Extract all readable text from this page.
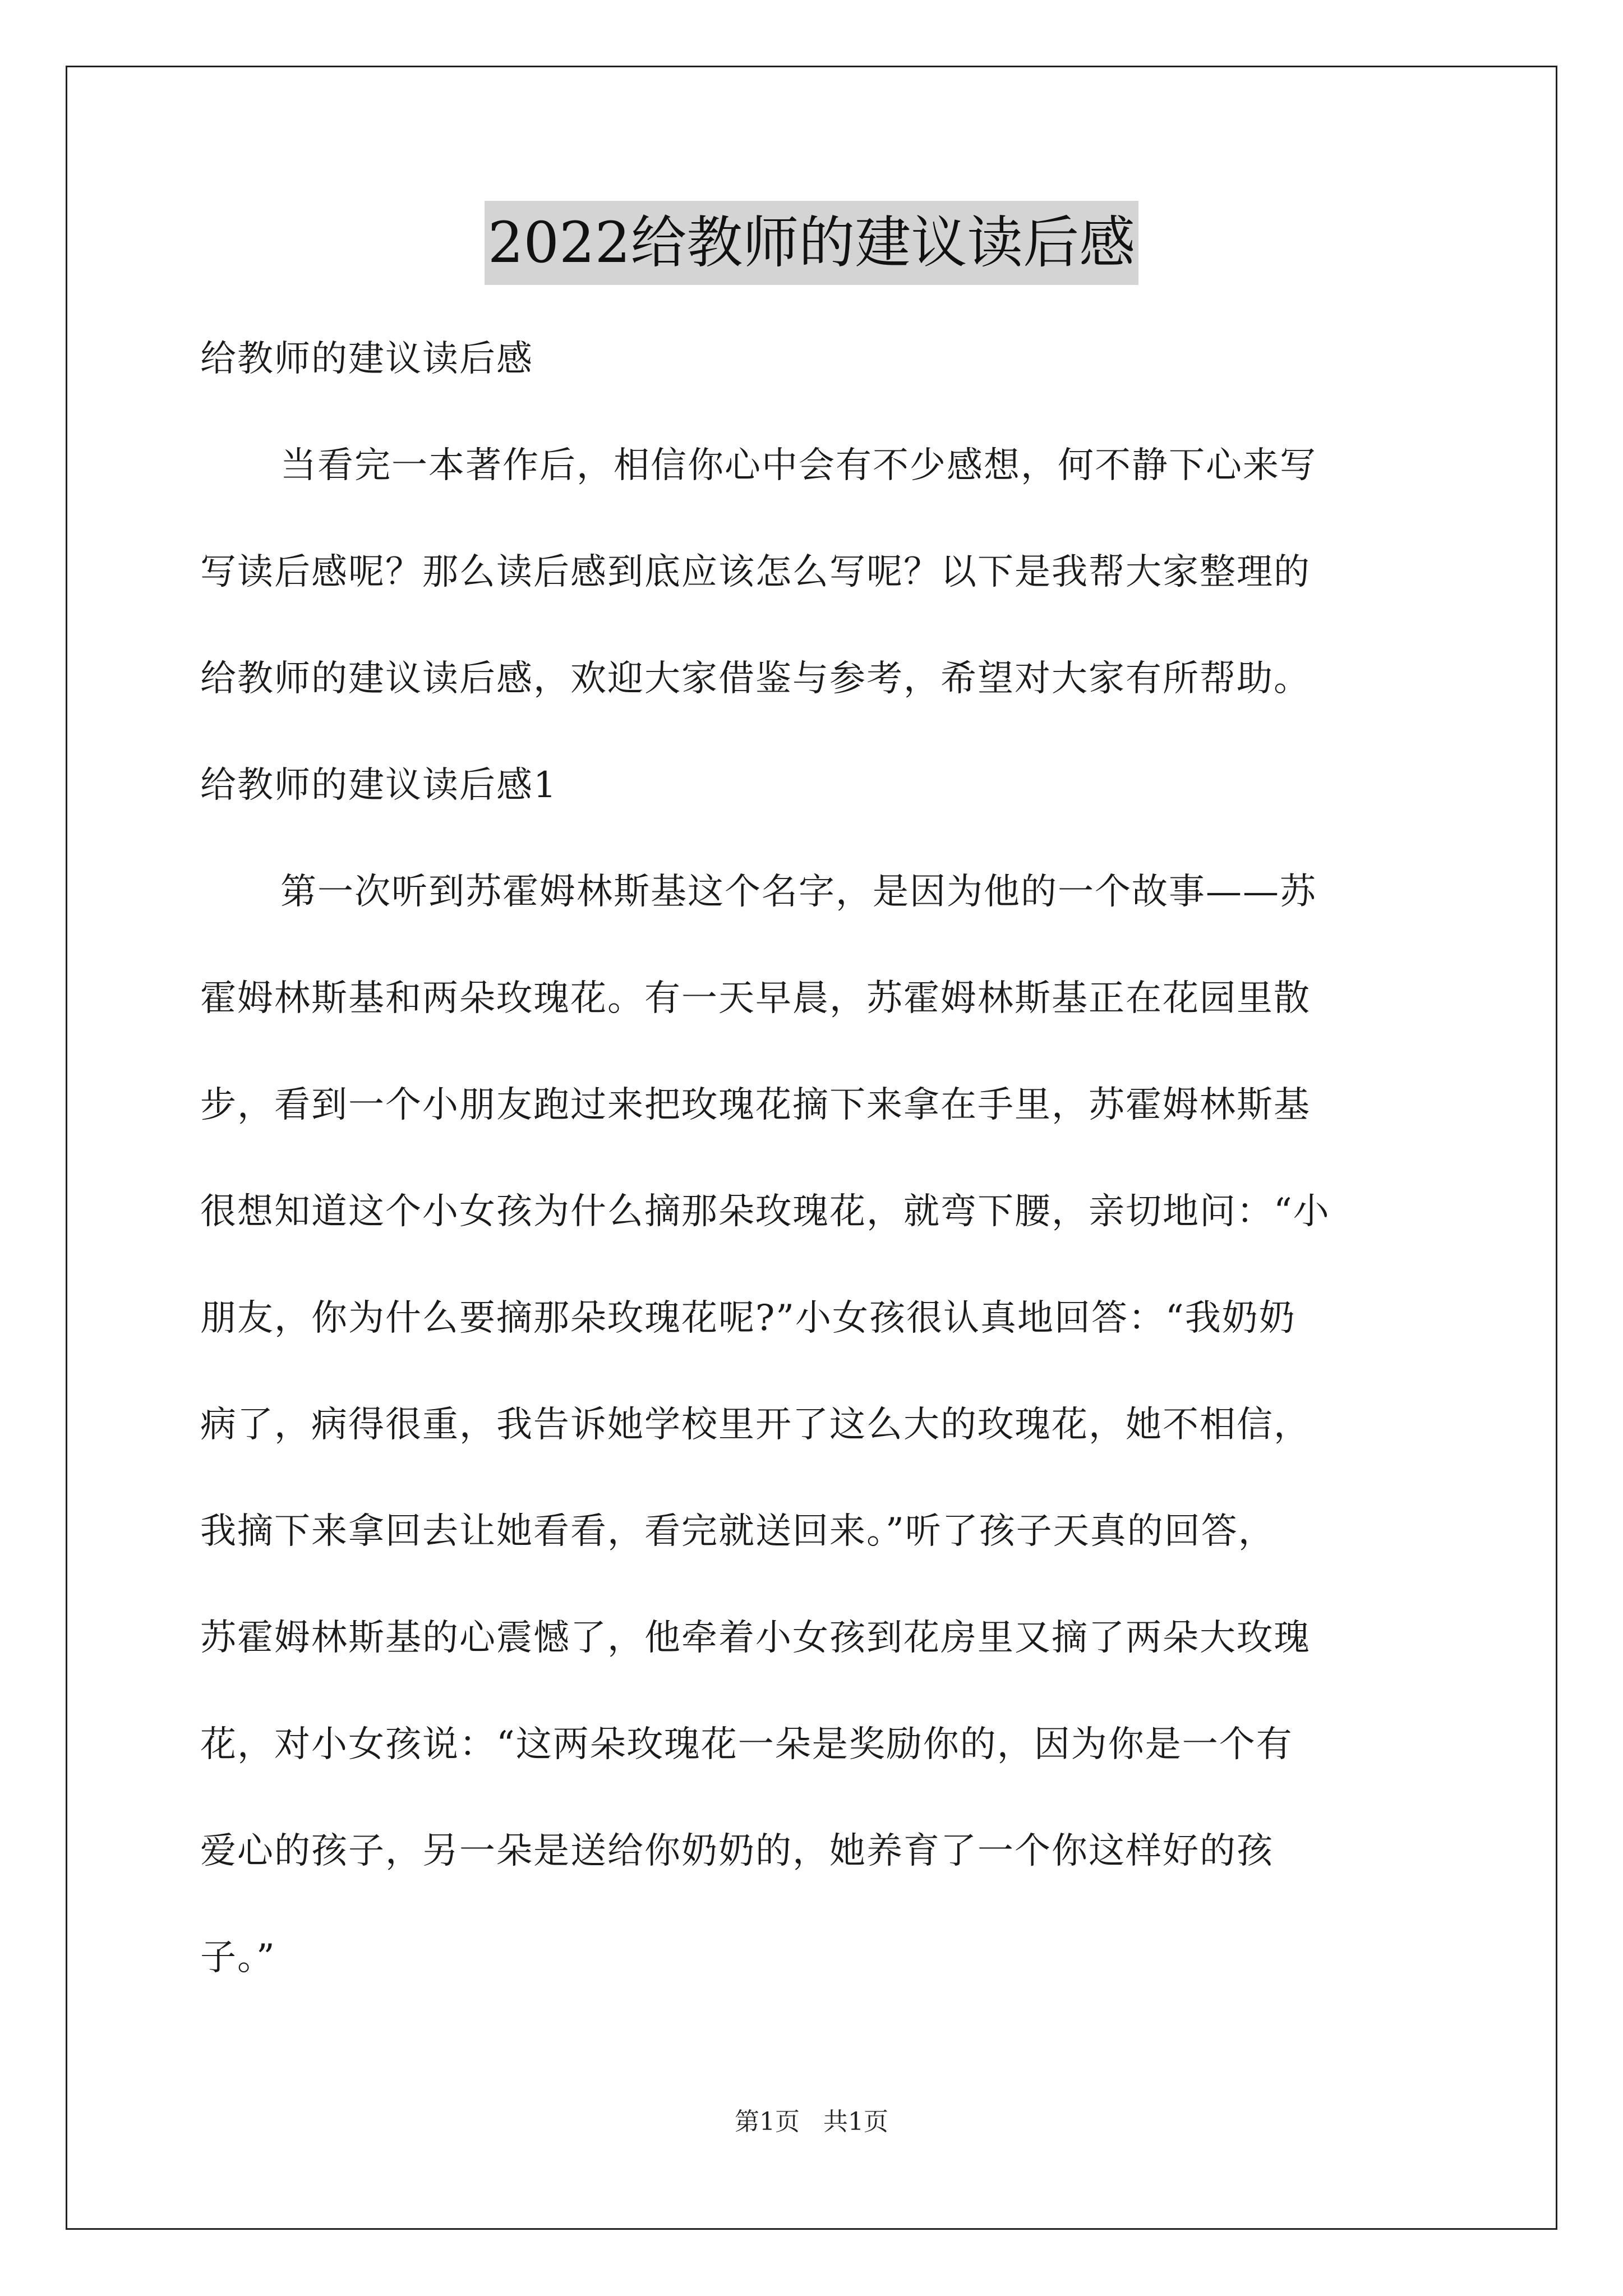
2022给教师的建议读后感
给教师的建议读后感
当看完一本著作后，相信你心中会有不少感想，何不静下心来写
写读后感呢？那么读后感到底应该怎么写呢？以下是我帮大家整理的
给教师的建议读后感，欢迎大家借鉴与参考，希望对大家有所帮助。
给教师的建议读后感1
第一次听到苏霍姆林斯基这个名字，是因为他的一个故事——苏
霍姆林斯基和两朵玫瑰花。有一天早晨，苏霍姆林斯基正在花园里散
步，看到一个小朋友跑过来把玫瑰花摘下来拿在手里，苏霍姆林斯基
很想知道这个小女孩为什么摘那朵玫瑰花，就弯下腰，亲切地问：“小
朋友，你为什么要摘那朵玫瑰花呢?”小女孩很认真地回答：“我奶奶
病了，病得很重，我告诉她学校里开了这么大的玫瑰花，她不相信，
我摘下来拿回去让她看看，看完就送回来。”听了孩子天真的回答，
苏霍姆林斯基的心震憾了，他牵着小女孩到花房里又摘了两朵大玫瑰
花，对小女孩说：“这两朵玫瑰花一朵是奖励你的，因为你是一个有
爱心的孩子，另一朵是送给你奶奶的，她养育了一个你这样好的孩
子。”
第1页   共1页
